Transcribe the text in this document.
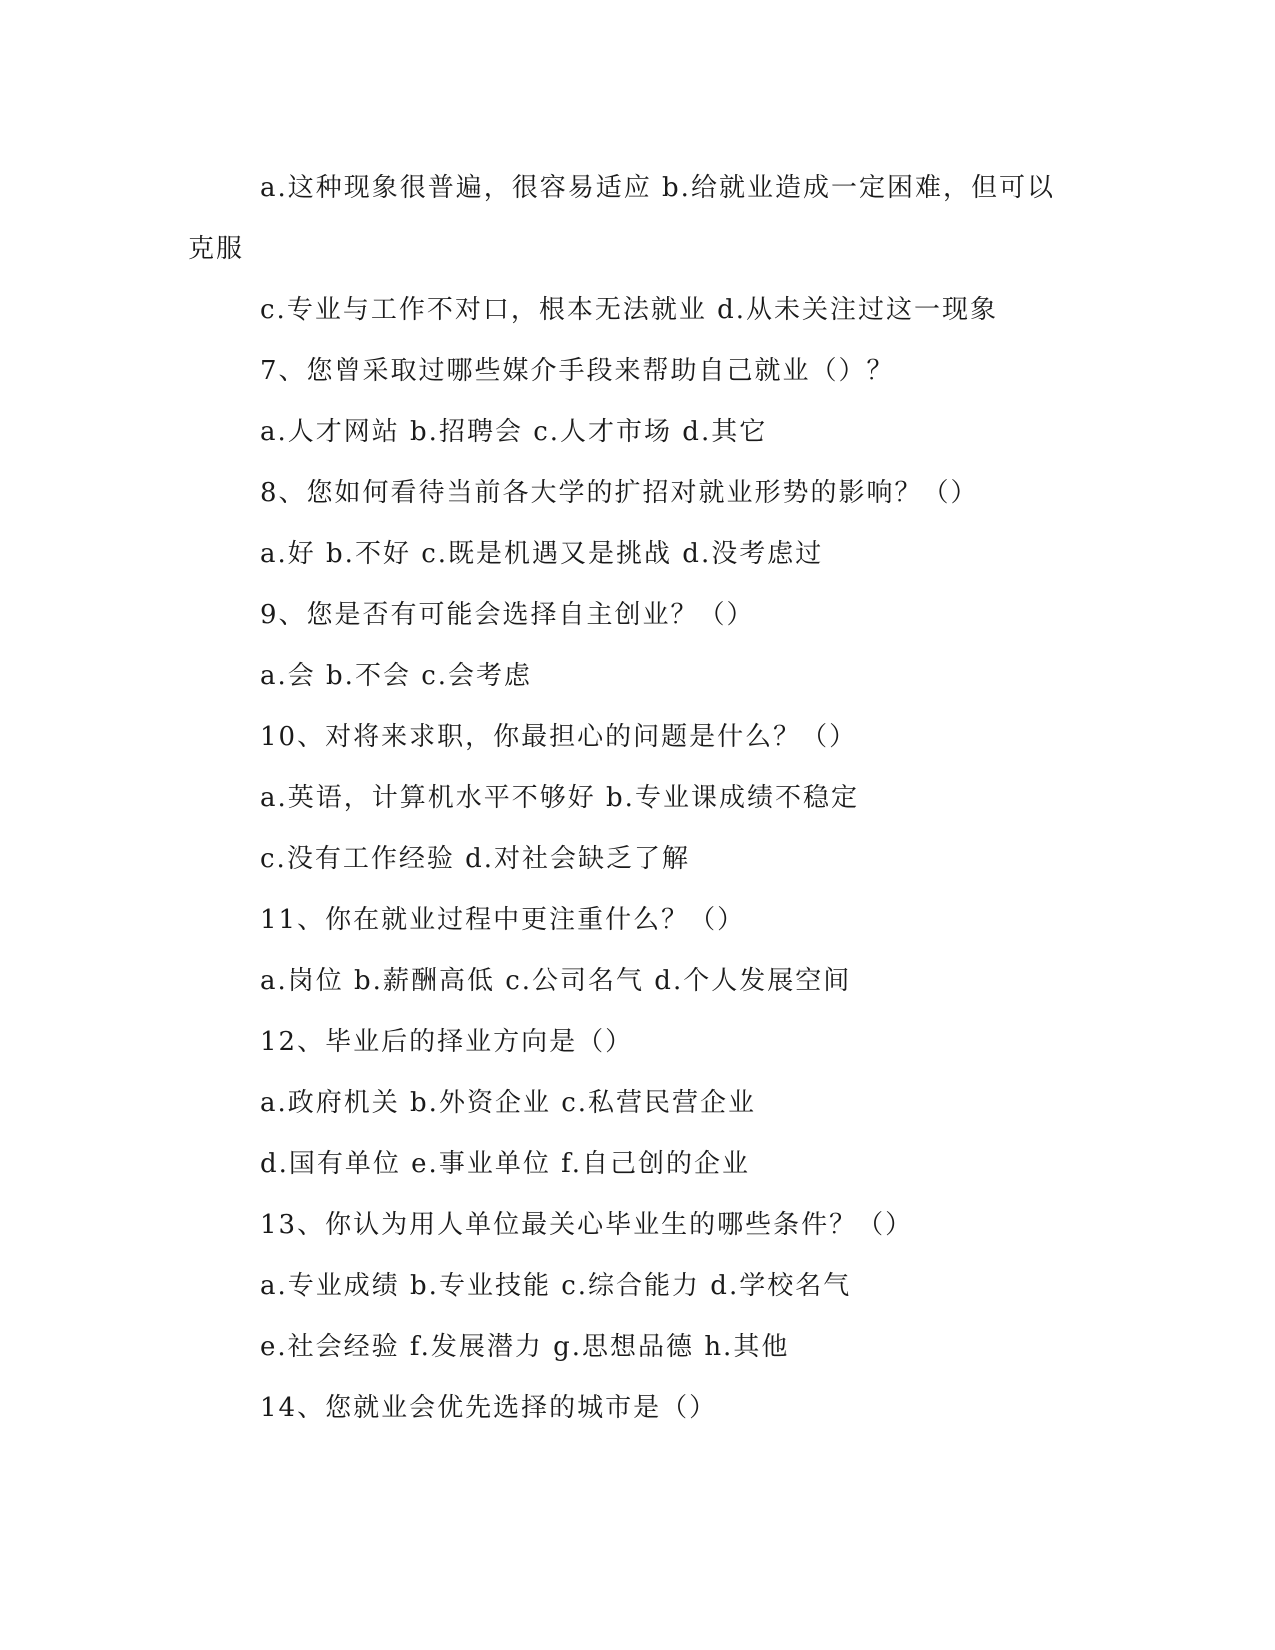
a.这种现象很普遍，很容易适应 b.给就业造成一定困难，但可以
克服
c.专业与工作不对口，根本无法就业 d.从未关注过这一现象
7、您曾采取过哪些媒介手段来帮助自己就业（）？
a.人才网站 b.招聘会 c.人才市场 d.其它
8、您如何看待当前各大学的扩招对就业形势的影响？（）
a.好 b.不好 c.既是机遇又是挑战 d.没考虑过
9、您是否有可能会选择自主创业？（）
a.会 b.不会 c.会考虑
10、对将来求职，你最担心的问题是什么？（）
a.英语，计算机水平不够好 b.专业课成绩不稳定
c.没有工作经验 d.对社会缺乏了解
11、你在就业过程中更注重什么？（）
a.岗位 b.薪酬高低 c.公司名气 d.个人发展空间
12、毕业后的择业方向是（）
a.政府机关 b.外资企业 c.私营民营企业
d.国有单位 e.事业单位 f.自己创的企业
13、你认为用人单位最关心毕业生的哪些条件？（）
a.专业成绩 b.专业技能 c.综合能力 d.学校名气
e.社会经验 f.发展潜力 g.思想品德 h.其他
14、您就业会优先选择的城市是（）
